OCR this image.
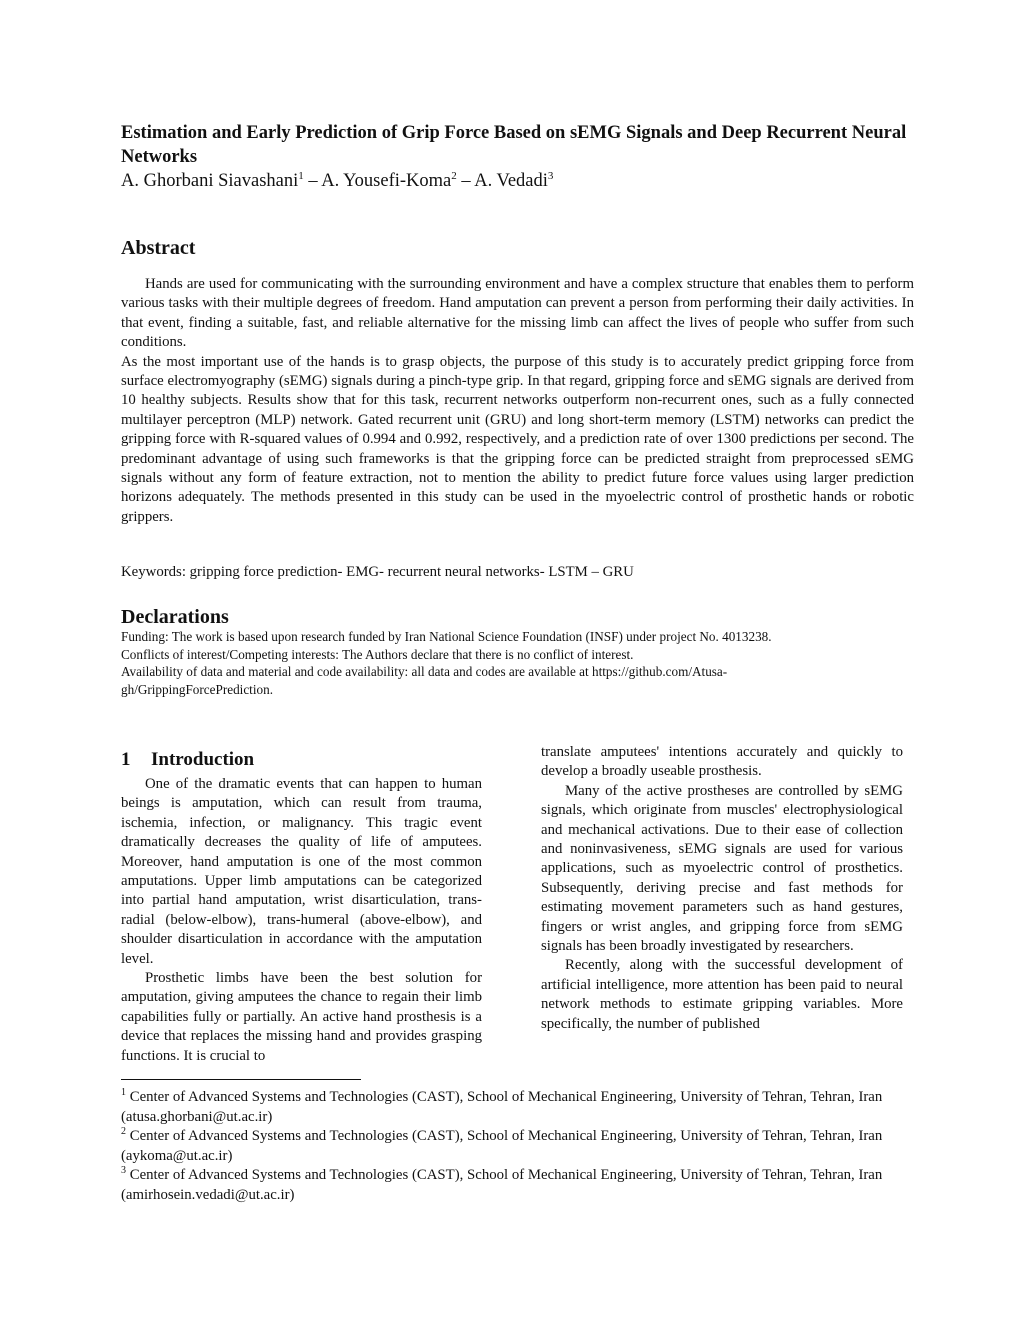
Estimation and Early Prediction of Grip Force Based on sEMG Signals and Deep Recurrent Neural Networks

A. Ghorbani Siavashani$^1$ – A. Yousefi-Koma$^2$ – A. Vedadi$^3$

Abstract

Hands are used for communicating with the surrounding environment and have a complex structure that enables them to perform various tasks with their multiple degrees of freedom. Hand amputation can prevent a person from performing their daily activities. In that event, finding a suitable, fast, and reliable alternative for the missing limb can affect the lives of people who suffer from such conditions.

As the most important use of the hands is to grasp objects, the purpose of this study is to accurately predict gripping force from surface electromyography (sEMG) signals during a pinch-type grip. In that regard, gripping force and sEMG signals are derived from 10 healthy subjects. Results show that for this task, recurrent networks outperform non-recurrent ones, such as a fully connected multilayer perceptron (MLP) network. Gated recurrent unit (GRU) and long short-term memory (LSTM) networks can predict the gripping force with R-squared values of 0.994 and 0.992, respectively, and a prediction rate of over 1300 predictions per second. The predominant advantage of using such frameworks is that the gripping force can be predicted straight from preprocessed sEMG signals without any form of feature extraction, not to mention the ability to predict future force values using larger prediction horizons adequately. The methods presented in this study can be used in the myoelectric control of prosthetic hands or robotic grippers.

Keywords: gripping force prediction- EMG- recurrent neural networks- LSTM – GRU

Declarations

Funding: The work is based upon research funded by Iran National Science Foundation (INSF) under project No. 4013238.

Conflicts of interest/Competing interests: The Authors declare that there is no conflict of interest.

Availability of data and material and code availability: all data and codes are available at https://github.com/Atusa-gh/GrippingForcePrediction.

1 Introduction

One of the dramatic events that can happen to human beings is amputation, which can result from trauma, ischemia, infection, or malignancy. This tragic event dramatically decreases the quality of life of amputees. Moreover, hand amputation is one of the most common amputations. Upper limb amputations can be categorized into partial hand amputation, wrist disarticulation, trans-radial (below-elbow), trans-humeral (above-elbow), and shoulder disarticulation in accordance with the amputation level.

Prosthetic limbs have been the best solution for amputation, giving amputees the chance to regain their limb capabilities fully or partially. An active hand prosthesis is a device that replaces the missing hand and provides grasping functions. It is crucial to

translate amputees' intentions accurately and quickly to develop a broadly useable prosthesis.

Many of the active prostheses are controlled by sEMG signals, which originate from muscles' electrophysiological and mechanical activations. Due to their ease of collection and noninvasiveness, sEMG signals are used for various applications, such as myoelectric control of prosthetics. Subsequently, deriving precise and fast methods for estimating movement parameters such as hand gestures, fingers or wrist angles, and gripping force from sEMG signals has been broadly investigated by researchers.

Recently, along with the successful development of artificial intelligence, more attention has been paid to neural network methods to estimate gripping variables. More specifically, the number of published

$^1$ Center of Advanced Systems and Technologies (CAST), School of Mechanical Engineering, University of Tehran, Tehran, Iran (atusa.ghorbani@ut.ac.ir)

$^2$ Center of Advanced Systems and Technologies (CAST), School of Mechanical Engineering, University of Tehran, Tehran, Iran (aykoma@ut.ac.ir)

$^3$ Center of Advanced Systems and Technologies (CAST), School of Mechanical Engineering, University of Tehran, Tehran, Iran (amirhosein.vedadi@ut.ac.ir)
